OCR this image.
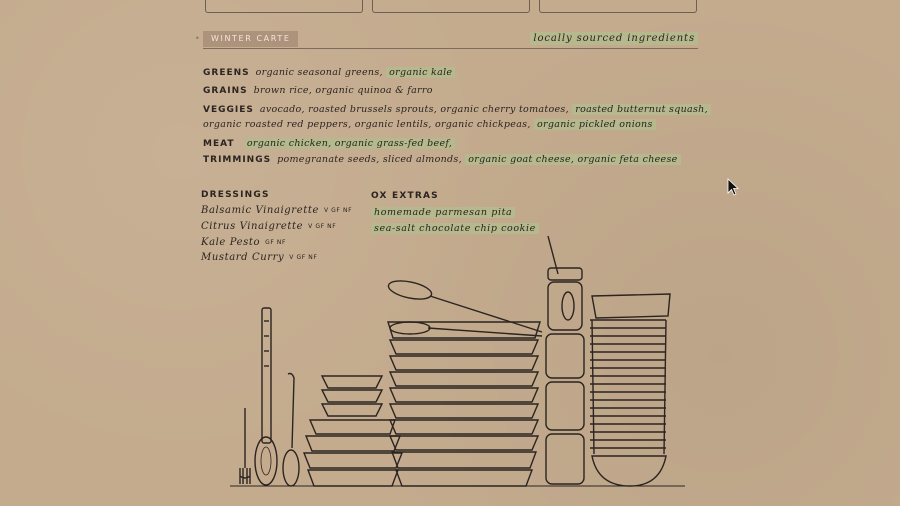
•	WINTER CARTE	locally sourced ingredients
GREENS organic seasonal greens, organic kale
GRAINS brown rice, organic quinoa & farro
VEGGIES avocado, roasted brussels sprouts, organic cherry tomatoes, roasted butternut squash,
organic roasted red peppers, organic lentils, organic chickpeas, organic pickled onions
MEAT organic chicken, organic grass-fed beef,
TRIMMINGS pomegranate seeds, sliced almonds, organic goat cheese, organic feta cheese
DRESSINGS
Balsamic Vinaigrette V GF NF
Citrus Vinaigrette V GF NF
Kale Pesto GF NF
Mustard Curry V GF NF
OX EXTRAS
homemade parmesan pita
sea-salt chocolate chip cookie
